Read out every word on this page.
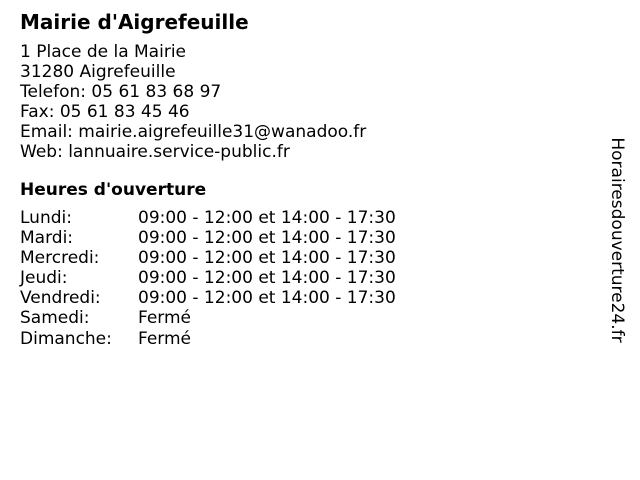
Mairie d'Aigrefeuille
1 Place de la Mairie
31280 Aigrefeuille
Telefon: 05 61 83 68 97
Fax: 05 61 83 45 46
Email: mairie.aigrefeuille31@wanadoo.fr
Web: lannuaire.service-public.fr
Heures d'ouverture
Lundi:	09:00 - 12:00 et 14:00 - 17:30
Mardi:	09:00 - 12:00 et 14:00 - 17:30
Mercredi:	09:00 - 12:00 et 14:00 - 17:30
Jeudi:	09:00 - 12:00 et 14:00 - 17:30
Vendredi:	09:00 - 12:00 et 14:00 - 17:30
Samedi:	Fermé
Dimanche:	Fermé	Horairesdouverture24.fr
